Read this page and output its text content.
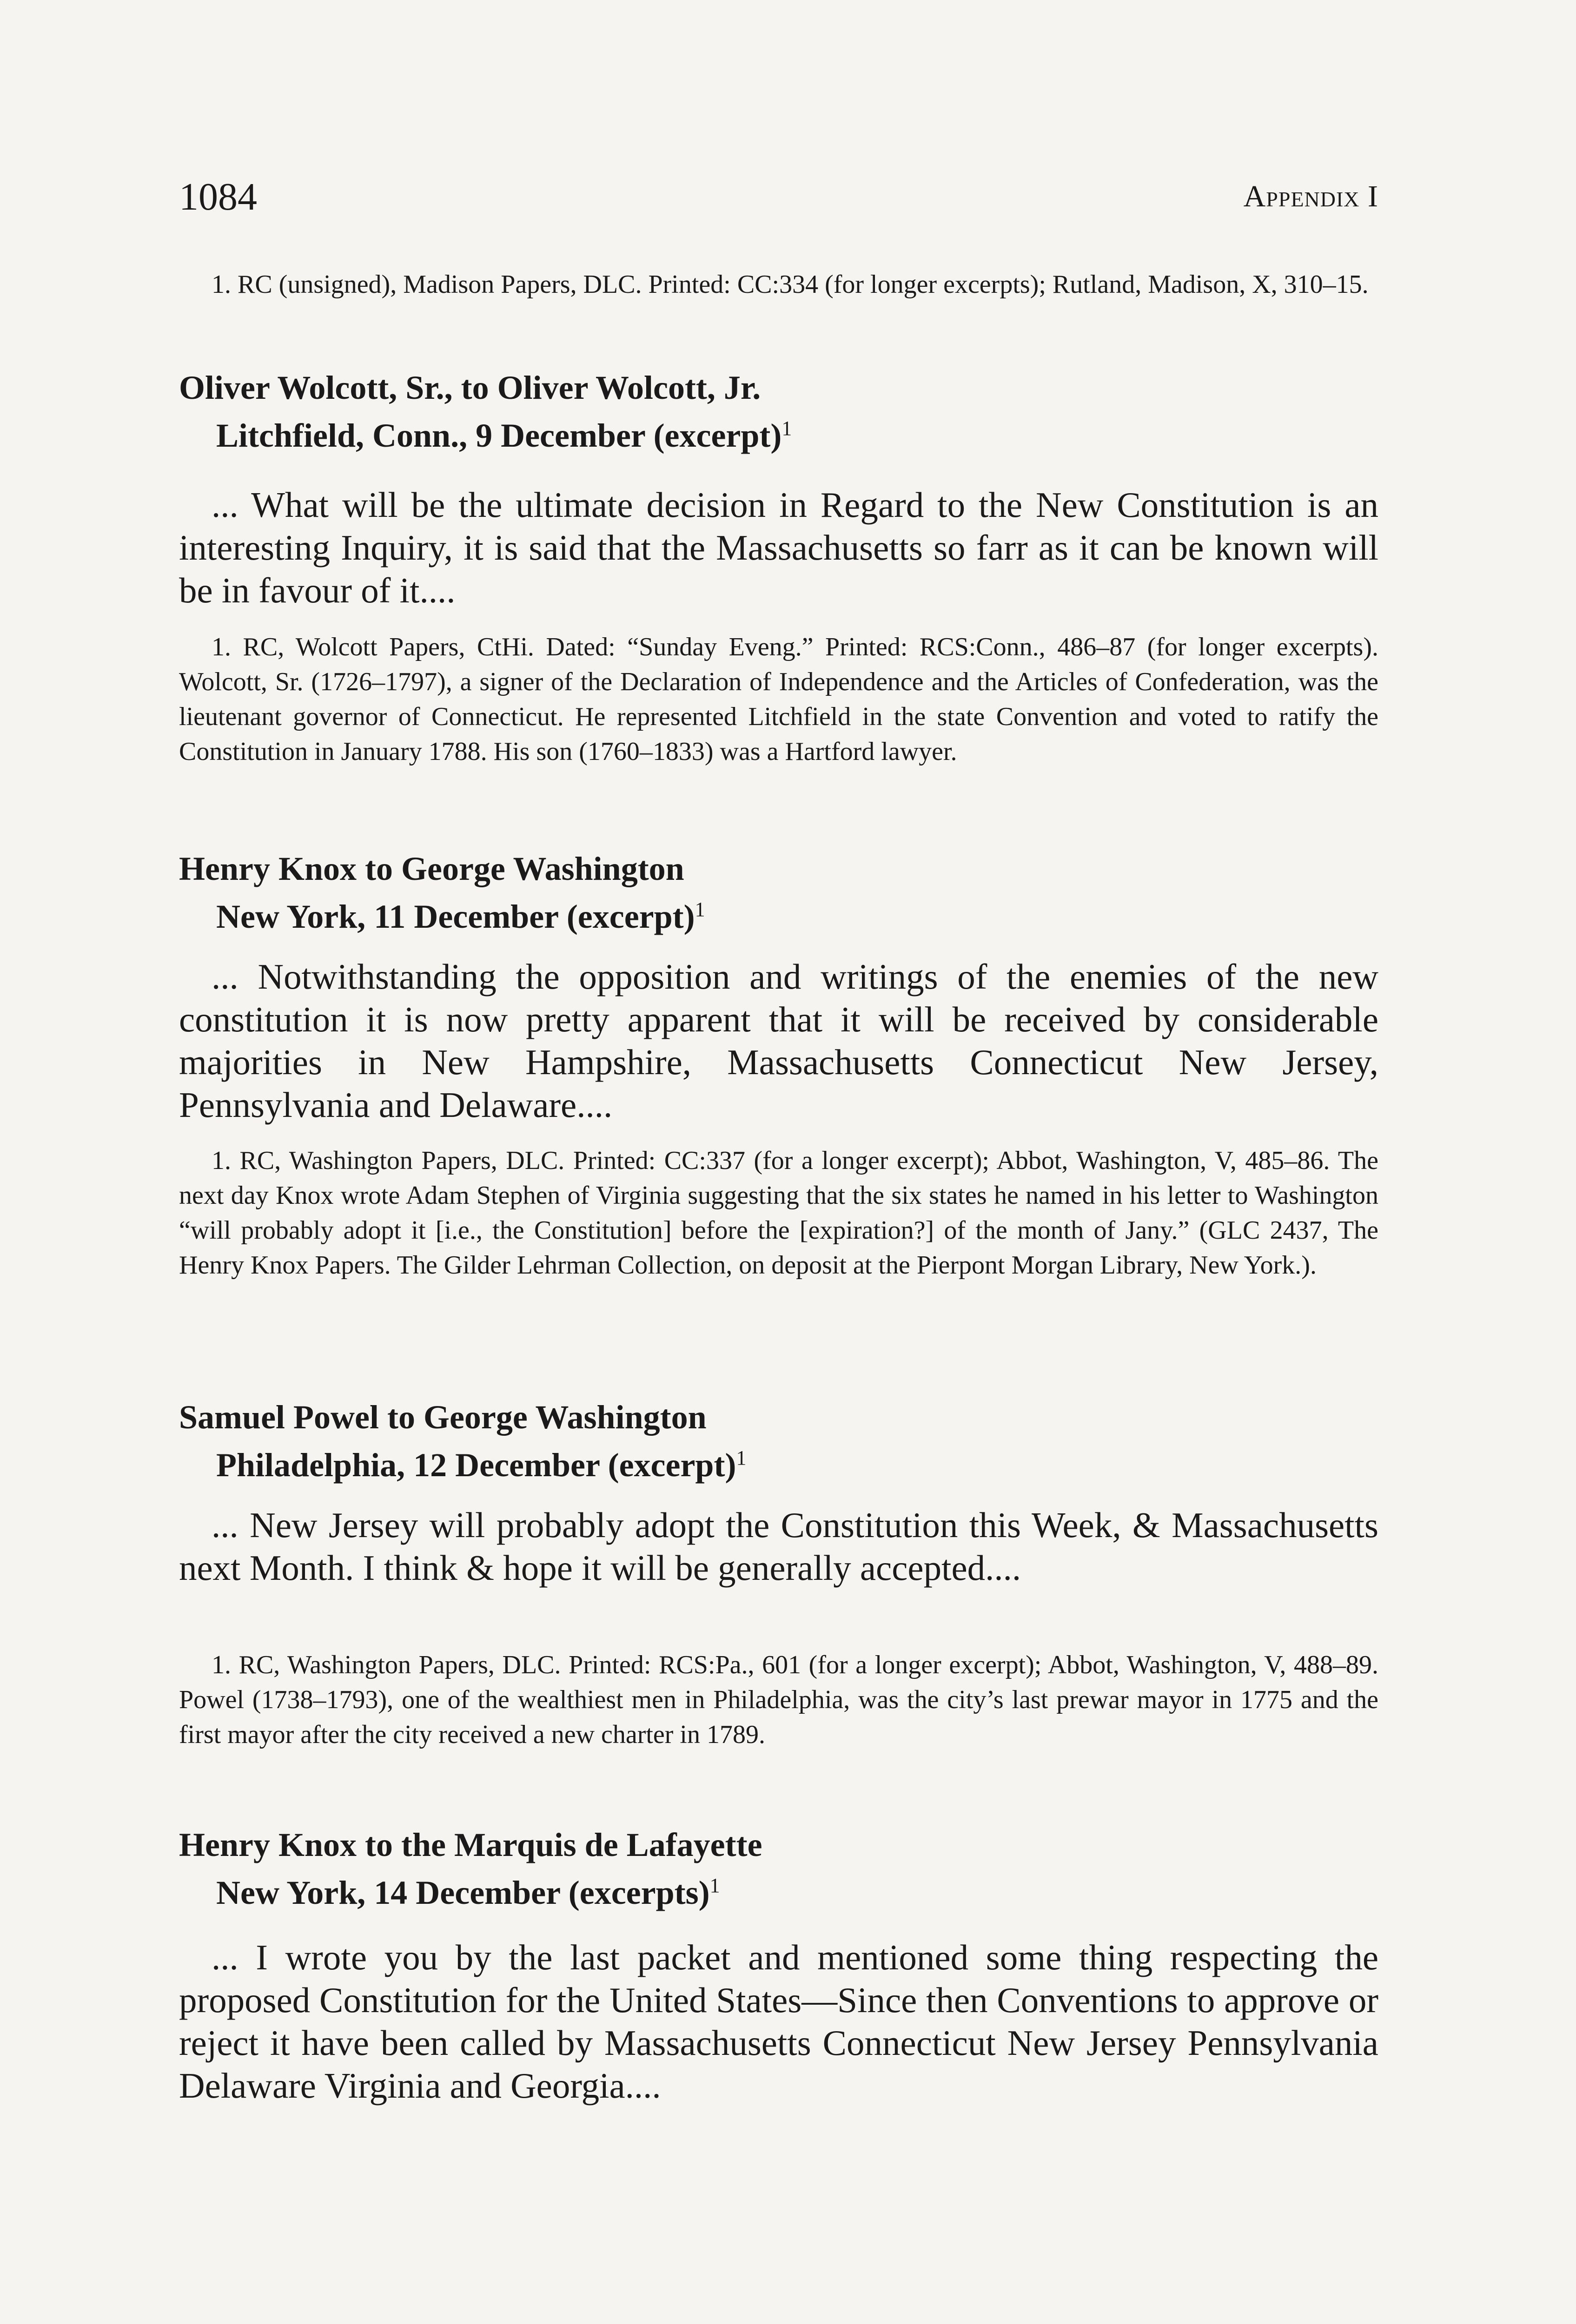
1084	Appendix I

1. RC (unsigned), Madison Papers, DLC. Printed: CC:334 (for longer excerpts); Rutland, Madison, X, 310–15.

Oliver Wolcott, Sr., to Oliver Wolcott, Jr.
Litchfield, Conn., 9 December (excerpt)$^1$

... What will be the ultimate decision in Regard to the New Constitution is an interesting Inquiry, it is said that the Massachusetts so farr as it can be known will be in favour of it....

1. RC, Wolcott Papers, CtHi. Dated: “Sunday Eveng.” Printed: RCS:Conn., 486–87 (for longer excerpts). Wolcott, Sr. (1726–1797), a signer of the Declaration of Independence and the Articles of Confederation, was the lieutenant governor of Connecticut. He represented Litchfield in the state Convention and voted to ratify the Constitution in January 1788. His son (1760–1833) was a Hartford lawyer.

Henry Knox to George Washington
New York, 11 December (excerpt)$^1$

... Notwithstanding the opposition and writings of the enemies of the new constitution it is now pretty apparent that it will be received by considerable majorities in New Hampshire, Massachusetts Connecticut New Jersey, Pennsylvania and Delaware....

1. RC, Washington Papers, DLC. Printed: CC:337 (for a longer excerpt); Abbot, Washington, V, 485–86. The next day Knox wrote Adam Stephen of Virginia suggesting that the six states he named in his letter to Washington “will probably adopt it [i.e., the Constitution] before the [expiration?] of the month of Jany.” (GLC 2437, The Henry Knox Papers. The Gilder Lehrman Collection, on deposit at the Pierpont Morgan Library, New York.).

Samuel Powel to George Washington
Philadelphia, 12 December (excerpt)$^1$

... New Jersey will probably adopt the Constitution this Week, & Massachusetts next Month. I think & hope it will be generally accepted....

1. RC, Washington Papers, DLC. Printed: RCS:Pa., 601 (for a longer excerpt); Abbot, Washington, V, 488–89. Powel (1738–1793), one of the wealthiest men in Philadelphia, was the city’s last prewar mayor in 1775 and the first mayor after the city received a new charter in 1789.

Henry Knox to the Marquis de Lafayette
New York, 14 December (excerpts)$^1$

... I wrote you by the last packet and mentioned some thing respecting the proposed Constitution for the United States—Since then Conventions to approve or reject it have been called by Massachusetts Connecticut New Jersey Pennsylvania Delaware Virginia and Georgia....
